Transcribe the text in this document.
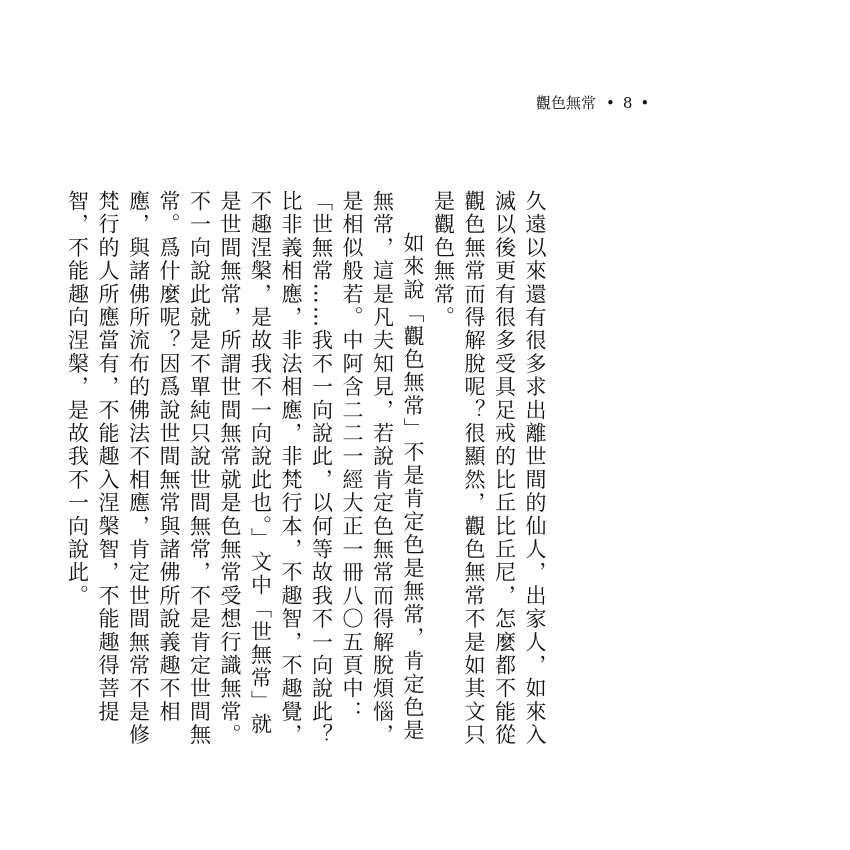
觀色無常 • 8 •

久遠以來還有很多求出離世間的仙人，出家人，如來入滅以後更有很多受具足戒的比丘比丘尼，怎麼都不能從觀色無常而得解脫呢？很顯然，觀色無常不是如其文只是觀色無常。

如來說「觀色無常」不是肯定色是無常，肯定色是無常，這是凡夫知見，若說肯定色無常而得解脫煩惱，是相似般若。中阿含二二一經大正一冊八〇五頁中：「世無常……我不一向說此，以何等故我不一向說此？比非義相應，非法相應，非梵行本，不趣智，不趣覺，不趣涅槃，是故我不一向說此也。」文中「世無常」就是世間無常，所謂世間無常就是色無常受想行識無常。不一向說此就是不單純只說世間無常，不是肯定世間無常。爲什麼呢？因爲說世間無常與諸佛所說義趣不相應，與諸佛所流布的佛法不相應，肯定世間無常不是修梵行的人所應當有，不能趣入涅槃智，不能趣得菩提智，不能趣向涅槃，是故我不一向說此。
